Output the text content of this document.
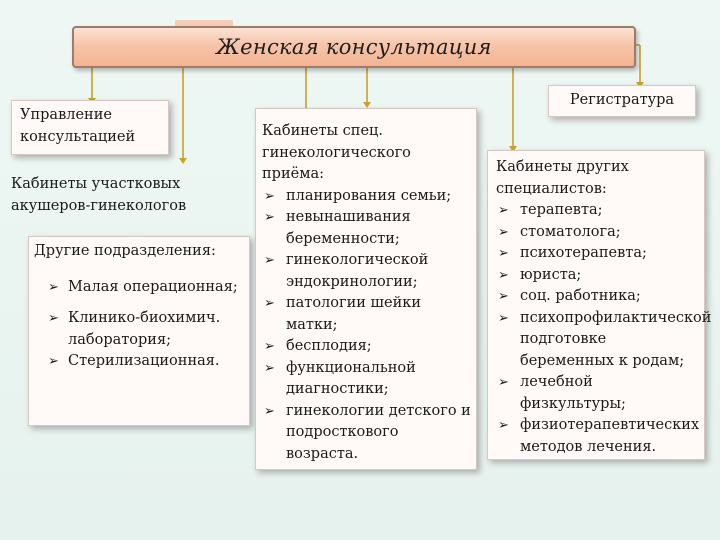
Женская консультация
Регистратура
Управление консультацией
Кабинеты участковых акушеров-гинекологов
Другие подразделения:
➢ Малая операционная;
➢ Клинико-биохимич. лаборатория;
➢ Стерилизационная.
Кабинеты спец. гинекологического приёма:
➢ планирования семьи;
➢ невынашивания беременности;
➢ гинекологической эндокринологии;
➢ патологии шейки матки;
➢ бесплодия;
➢ функциональной диагностики;
➢ гинекологии детского и подросткового возраста.
Кабинеты других специалистов:
➢ терапевта;
➢ стоматолога;
➢ психотерапевта;
➢ юриста;
➢ соц. работника;
➢ психопрофилактической подготовке беременных к родам;
➢ лечебной физкультуры;
➢ физиотерапевтических методов лечения.
